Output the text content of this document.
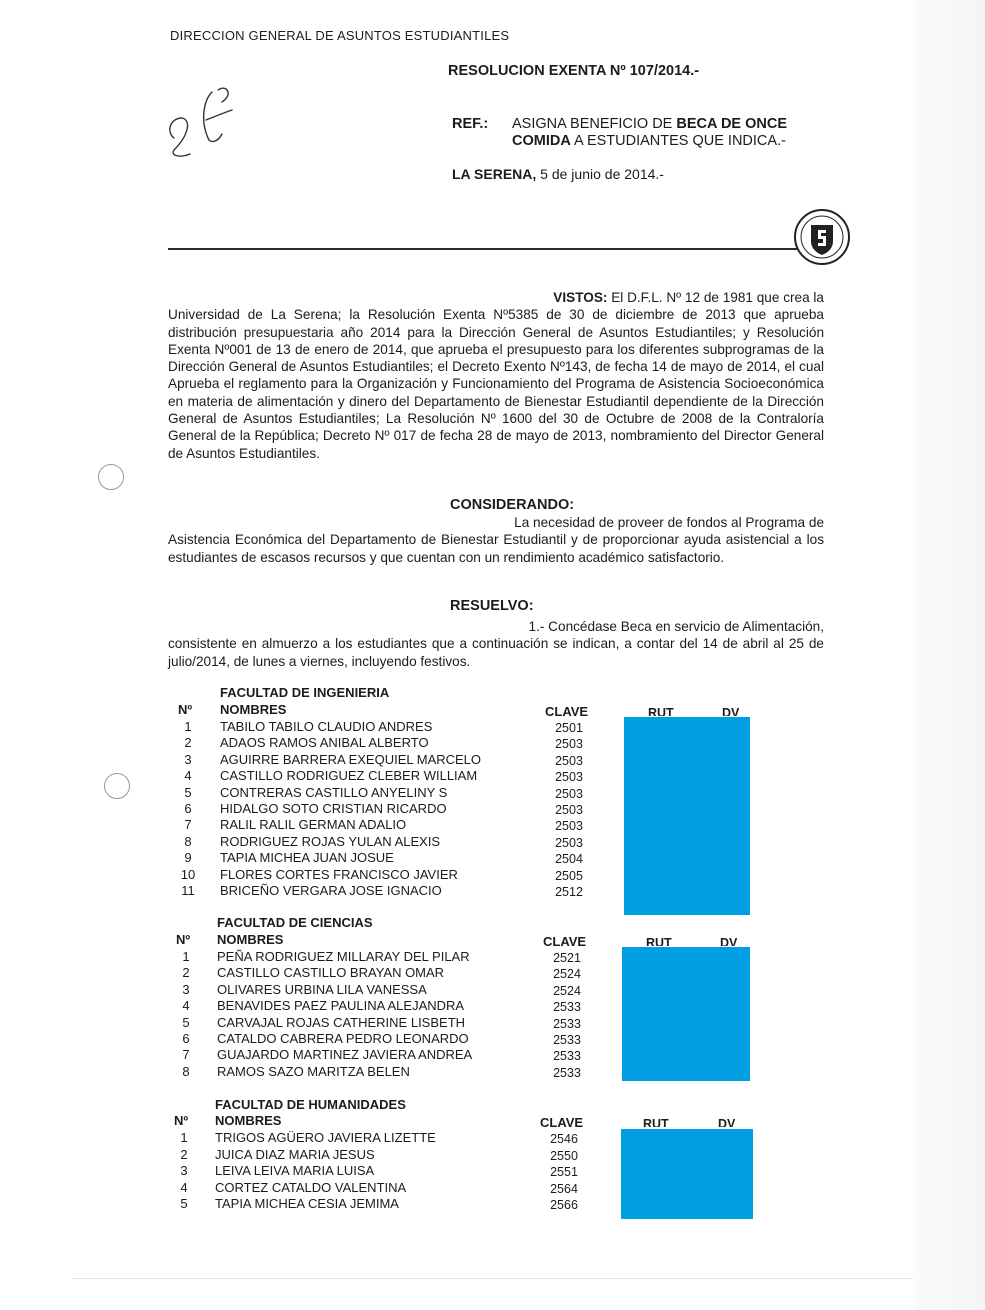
DIRECCION GENERAL DE ASUNTOS ESTUDIANTILES
RESOLUCION EXENTA Nº 107/2014.-
REF.: ASIGNA BENEFICIO DE BECA DE ONCE COMIDA A ESTUDIANTES QUE INDICA.-
LA SERENA, 5 de junio de 2014.-
VISTOS: El D.F.L. Nº 12 de 1981 que crea la
Universidad de La Serena; la Resolución Exenta Nº5385 de 30 de diciembre de 2013 que aprueba distribución presupuestaria año 2014 para la Dirección General de Asuntos Estudiantiles; y Resolución Exenta Nº001 de 13 de enero de 2014, que aprueba el presupuesto para los diferentes subprogramas de la Dirección General de Asuntos Estudiantiles; el Decreto Exento Nº143, de fecha 14 de mayo de 2014, el cual Aprueba el reglamento para la Organización y Funcionamiento del Programa de Asistencia Socioeconómica en materia de alimentación y dinero del Departamento de Bienestar Estudiantil dependiente de la Dirección General de Asuntos Estudiantiles; La Resolución Nº 1600 del 30 de Octubre de 2008 de la Contraloría General de la República; Decreto Nº 017 de fecha 28 de mayo de 2013, nombramiento del Director General de Asuntos Estudiantiles.
CONSIDERANDO:
La necesidad de proveer de fondos al Programa de
Asistencia Económica del Departamento de Bienestar Estudiantil y de proporcionar ayuda asistencial a los estudiantes de escasos recursos y que cuentan con un rendimiento académico satisfactorio.
RESUELVO:
1.- Concédase Beca en servicio de Alimentación,
consistente en almuerzo a los estudiantes que a continuación se indican, a contar del 14 de abril al 25 de julio/2014, de lunes a viernes, incluyendo festivos.
FACULTAD DE INGENIERIA
Nº NOMBRES	CLAVE	RUT	DV
1	TABILO TABILO CLAUDIO ANDRES	2501
2	ADAOS RAMOS ANIBAL ALBERTO	2503
3	AGUIRRE BARRERA EXEQUIEL MARCELO	2503
4	CASTILLO RODRIGUEZ CLEBER WILLIAM	2503
5	CONTRERAS CASTILLO ANYELINY S	2503
6	HIDALGO SOTO CRISTIAN RICARDO	2503
7	RALIL RALIL GERMAN ADALIO	2503
8	RODRIGUEZ ROJAS YULAN ALEXIS	2503
9	TAPIA MICHEA JUAN JOSUE	2504
10	FLORES CORTES FRANCISCO JAVIER	2505
11	BRICEÑO VERGARA JOSE IGNACIO	2512
FACULTAD DE CIENCIAS
Nº NOMBRES	CLAVE	RUT	DV
1	PEÑA RODRIGUEZ MILLARAY DEL PILAR	2521
2	CASTILLO CASTILLO BRAYAN OMAR	2524
3	OLIVARES URBINA LILA VANESSA	2524
4	BENAVIDES PAEZ PAULINA ALEJANDRA	2533
5	CARVAJAL ROJAS CATHERINE LISBETH	2533
6	CATALDO CABRERA PEDRO LEONARDO	2533
7	GUAJARDO MARTINEZ JAVIERA ANDREA	2533
8	RAMOS SAZO MARITZA BELEN	2533
FACULTAD DE HUMANIDADES
Nº NOMBRES	CLAVE	RUT	DV
1	TRIGOS AGÜERO JAVIERA LIZETTE	2546
2	JUICA DIAZ MARIA JESUS	2550
3	LEIVA LEIVA MARIA LUISA	2551
4	CORTEZ CATALDO VALENTINA	2564
5	TAPIA MICHEA CESIA JEMIMA	2566
